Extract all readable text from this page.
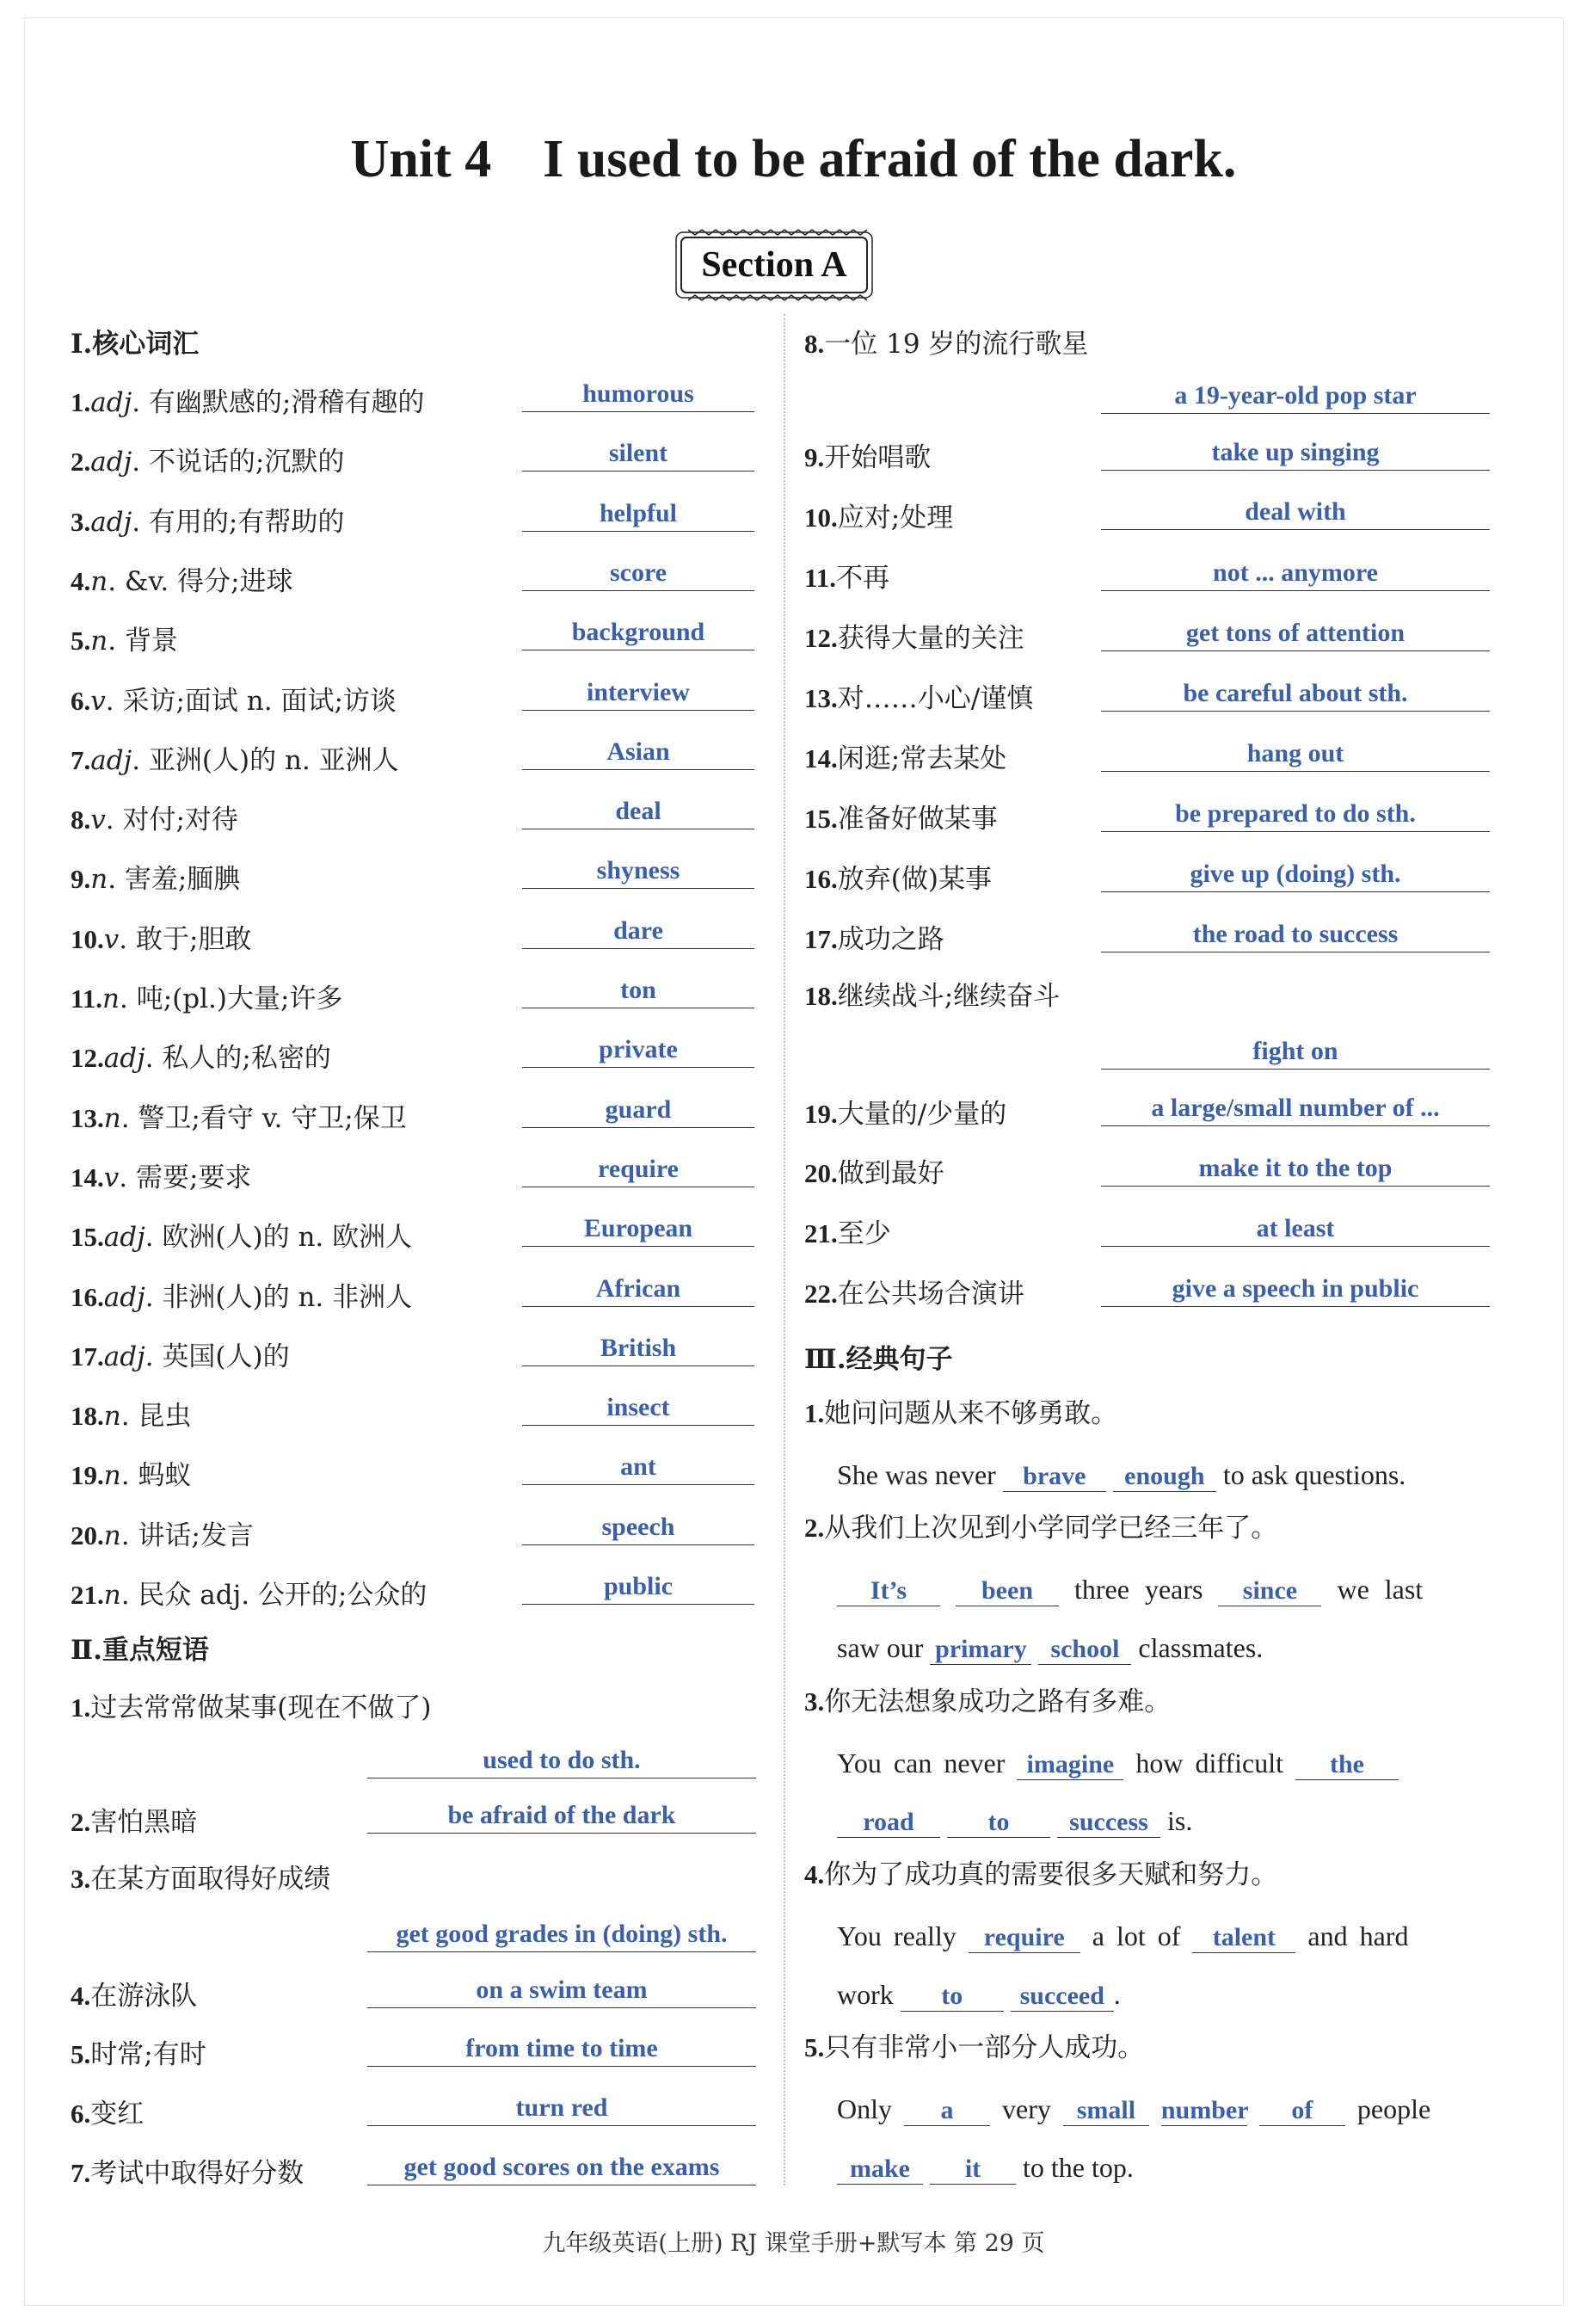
Unit 4 I used to be afraid of the dark.
Section A
Ⅰ.核心词汇
1.adj. 有幽默感的;滑稽有趣的	humorous
2.adj. 不说话的;沉默的	silent
3.adj. 有用的;有帮助的	helpful
4.n. &v. 得分;进球	score
5.n. 背景	background
6.v. 采访;面试 n. 面试;访谈	interview
7.adj. 亚洲(人)的 n. 亚洲人	Asian
8.v. 对付;对待	deal
9.n. 害羞;腼腆	shyness
10.v. 敢于;胆敢	dare
11.n. 吨;(pl.)大量;许多	ton
12.adj. 私人的;私密的	private
13.n. 警卫;看守 v. 守卫;保卫	guard
14.v. 需要;要求	require
15.adj. 欧洲(人)的 n. 欧洲人	European
16.adj. 非洲(人)的 n. 非洲人	African
17.adj. 英国(人)的	British
18.n. 昆虫	insect
19.n. 蚂蚁	ant
20.n. 讲话;发言	speech
21.n. 民众 adj. 公开的;公众的	public
Ⅱ.重点短语
1.过去常常做某事(现在不做了)
used to do sth.
2.害怕黑暗	be afraid of the dark
3.在某方面取得好成绩
get good grades in (doing) sth.
4.在游泳队	on a swim team
5.时常;有时	from time to time
6.变红	turn red
7.考试中取得好分数	get good scores on the exams
8.一位 19 岁的流行歌星
a 19-year-old pop star
9.开始唱歌	take up singing
10.应对;处理	deal with
11.不再	not ... anymore
12.获得大量的关注	get tons of attention
13.对……小心/谨慎	be careful about sth.
14.闲逛;常去某处	hang out
15.准备好做某事	be prepared to do sth.
16.放弃(做)某事	give up (doing) sth.
17.成功之路	the road to success
18.继续战斗;继续奋斗
fight on
19.大量的/少量的	a large/small number of ...
20.做到最好	make it to the top
21.至少	at least
22.在公共场合演讲	give a speech in public
Ⅲ.经典句子
1.她问问题从来不够勇敢。
She was never brave enough to ask questions.
2.从我们上次见到小学同学已经三年了。
It’s	been three years since we last
saw our primary school classmates.
3.你无法想象成功之路有多难。
You can never imagine how difficult the
road	to success is.
4.你为了成功真的需要很多天赋和努力。
You really require a lot of talent and hard
work to succeed .
5.只有非常小一部分人成功。
Only a very small number of people
make it to the top.
九年级英语(上册) RJ 课堂手册+默写本 第 29 页
